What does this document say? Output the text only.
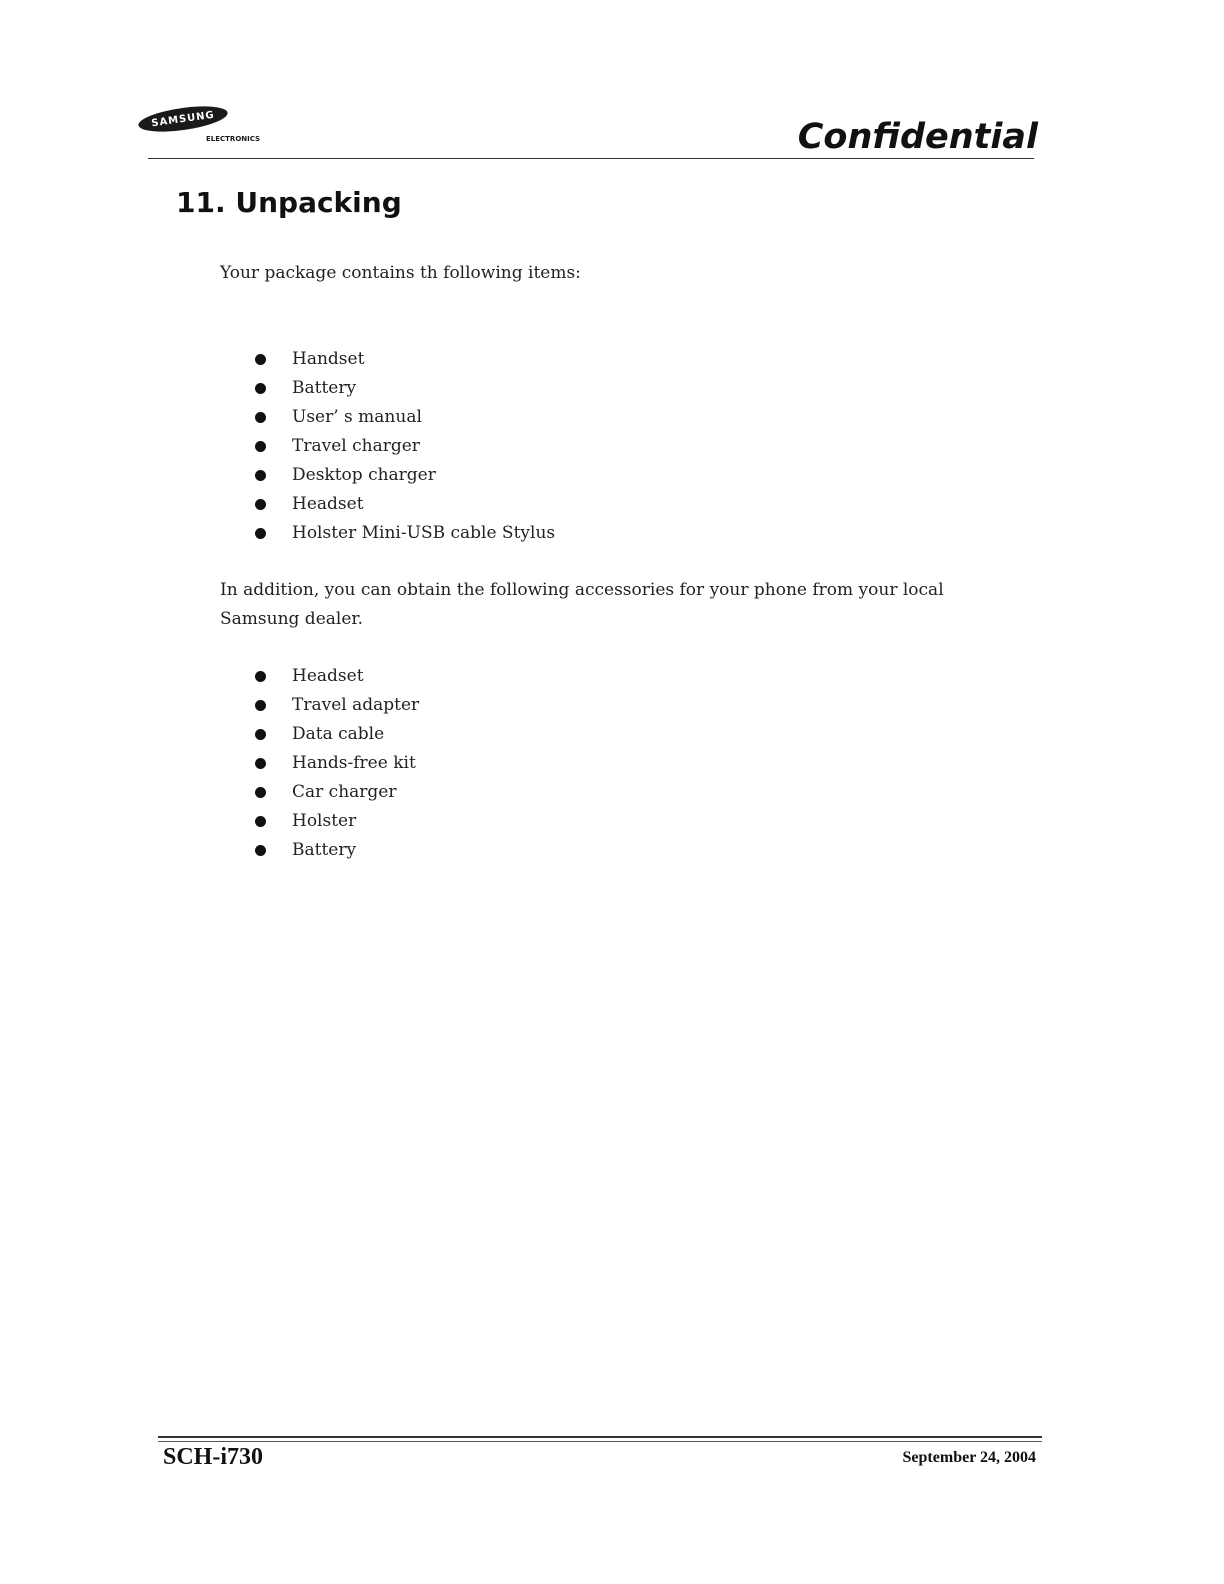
SAMSUNG
ELECTRONICS	Confidential
11. Unpacking

Your package contains th following items:

Handset
Battery
User’ s manual
Travel charger
Desktop charger
Headset
Holster Mini-USB cable Stylus

In addition, you can obtain the following accessories for your phone from your local Samsung dealer.

Headset
Travel adapter
Data cable
Hands-free kit
Car charger
Holster
Battery
SCH-i730	September 24, 2004
